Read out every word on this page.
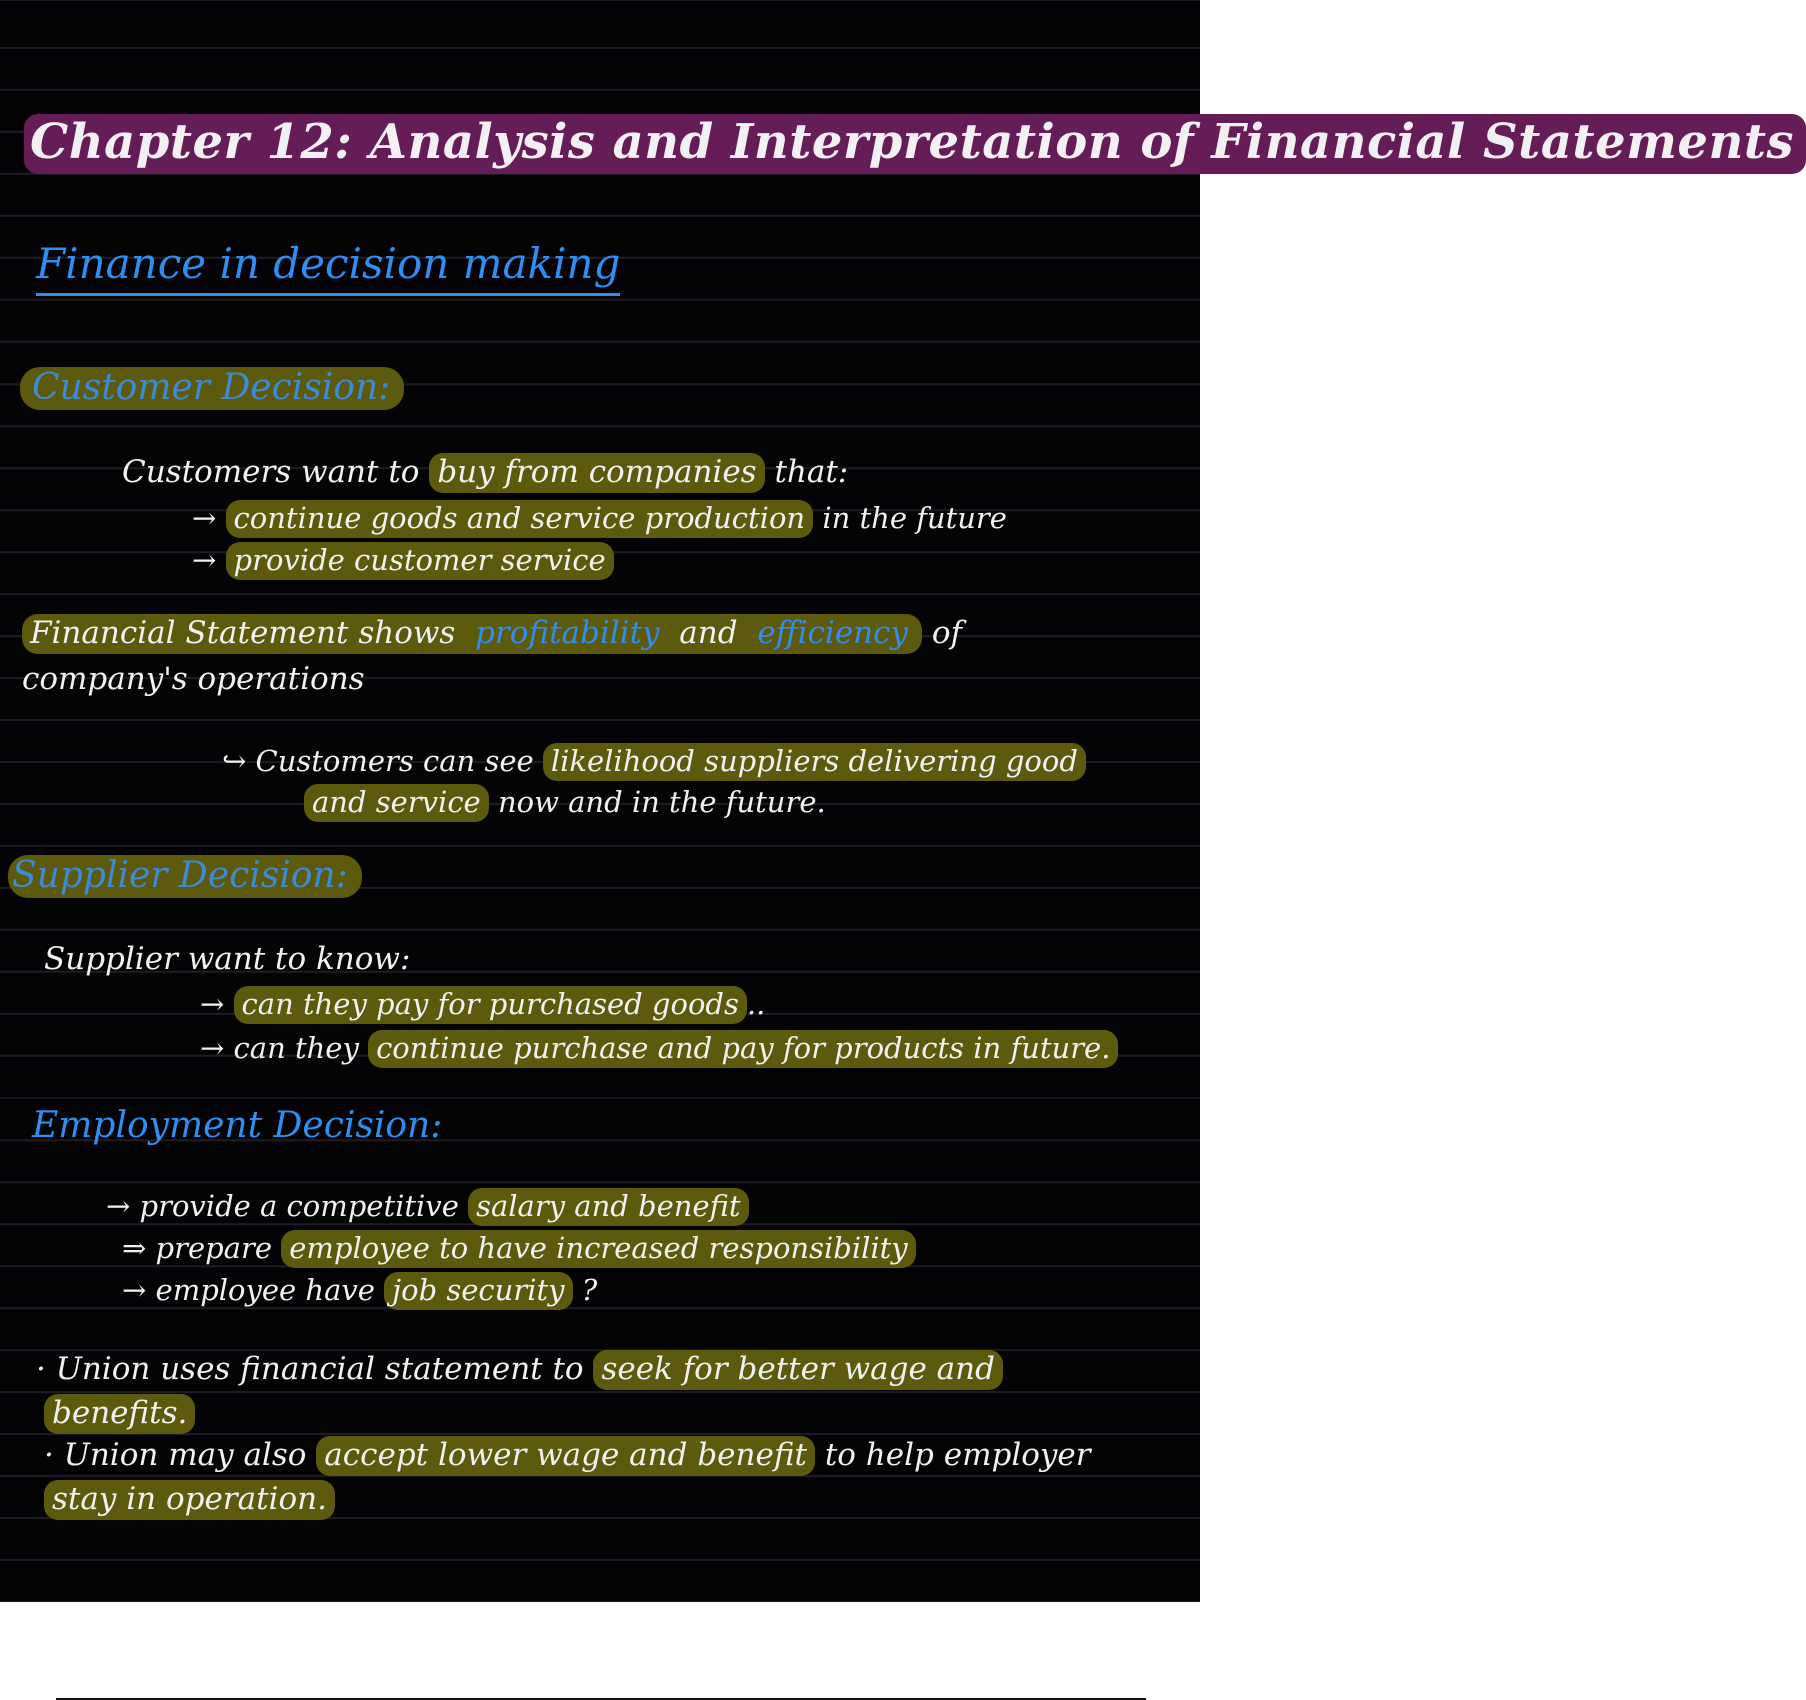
Chapter 12: Analysis and Interpretation of Financial Statements
Finance in decision making
Customer Decision:
Customers want to buy from companies that:
→ continue goods and service production in the future
→ provide customer service
Financial Statement shows profitability and efficiency of
company's operations
↪ Customers can see likelihood suppliers delivering good
and service now and in the future.
Supplier Decision:
Supplier want to know:
→ can they pay for purchased goods ..
→ can they continue purchase and pay for products in future.
Employment Decision:
→ provide a competitive salary and benefit
⇒ prepare employee to have increased responsibility
→ employee have job security ?
· Union uses financial statement to seek for better wage and
benefits.
· Union may also accept lower wage and benefit to help employer
stay in operation.
